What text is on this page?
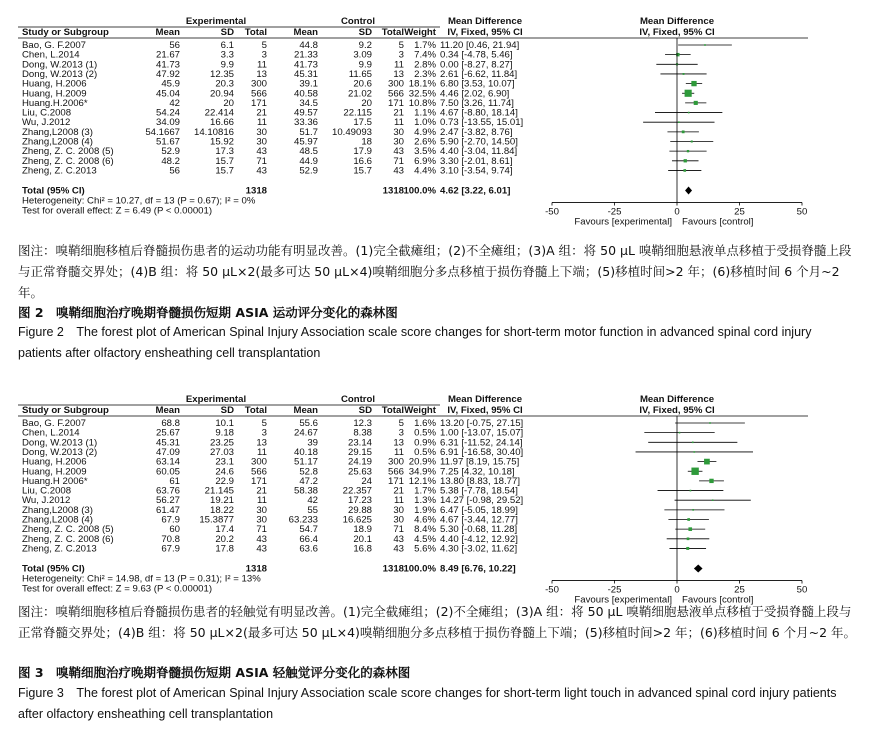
Experimental	Control	Mean Difference	Mean Difference
Study or Subgroup	Mean	SD Total	Mean	SD Total Weight IV, Fixed, 95% CI	IV, Fixed, 95% CI
Bao, G. F.2007	56	6.1	5	44.8	9.2	5 1.7% 11.20 [0.46, 21.94]
Chen, L.2014	21.67	3.3	3	21.33	3.09	3 7.4% 0.34 [-4.78, 5.46]
Dong, W.2013 (1)	41.73	9.9 11	41.73	9.9 11 2.8% 0.00 [-8.27, 8.27]
Dong, W.2013 (2)	47.92	12.35 13	45.31	11.65 13 2.3% 2.61 [-6.62, 11.84]
Huang, H.2006	45.9	20.3 300	39.1	20.6 300 18.1% 6.80 [3.53, 10.07]
Huang, H.2009	45.04	20.94 566	40.58	21.02 566 32.5% 4.46 [2.02, 6.90]
Huang.H.2006*	42	20 171	34.5	20 171 10.8% 7.50 [3.26, 11.74]
Liu, C.2008	54.24	22.414 21	49.57	22.115 21 1.1% 4.67 [-8.80, 18.14]
Wu, J.2012	34.09	16.66 11	33.36	17.5 11 1.0% 0.73 [-13.55, 15.01]
Zhang,L2008 (3)	54.1667 14.10816 30	51.7 10.49093 30 4.9% 2.47 [-3.82, 8.76]
Zhang,L2008 (4)	51.67	15.92 30	45.97	18 30 2.6% 5.90 [-2.70, 14.50]
Zheng, Z. C. 2008 (5)	52.9	17.3 43	48.5	17.9 43 3.5% 4.40 [-3.04, 11.84]
Zheng, Z. C. 2008 (6)	48.2	15.7 71	44.9	16.6 71 6.9% 3.30 [-2.01, 8.61]
Zheng, Z. C.2013	56	15.7 43	52.9	15.7 43 4.4% 3.10 [-3.54, 9.74]
Total (95% CI)	1318	1318 100.0% 4.62 [3.22, 6.01]
Heterogeneity: Chi² = 10.27, df = 13 (P = 0.67); I² = 0%
Test for overall effect: Z = 6.49 (P < 0.00001)	-50	-25	0	25	50
Favours [experimental] Favours [control]
图注：嗅鞘细胞移植后脊髓损伤患者的运动功能有明显改善。(1)完全截瘫组；(2)不全瘫组；(3)A 组：将 50 μL 嗅鞘细胞悬液单点移植于受损脊髓上段与正常脊髓交界处；(4)B 组：将 50 μL×2(最多可达 50 μL×4)嗅鞘细胞分多点移植于损伤脊髓上下端；(5)移植时间>2 年；(6)移植时间 6 个月~2 年。
图 2　嗅鞘细胞治疗晚期脊髓损伤短期 ASIA 运动评分变化的森林图
Figure 2　The forest plot of American Spinal Injury Association scale score changes for short-term motor function in advanced spinal cord injury patients after olfactory ensheathing cell transplantation
Experimental	Control	Mean Difference	Mean Difference
Study or Subgroup	Mean	SD Total	Mean	SD Total Weight IV, Fixed, 95% CI	IV, Fixed, 95% CI
Bao, G. F.2007	68.8	10.1	5	55.6	12.3	5 1.6% 13.20 [-0.75, 27.15]
Chen, L.2014	25.67	9.18	3	24.67	8.38	3 0.5% 1.00 [-13.07, 15.07]
Dong, W.2013 (1)	45.31	23.25 13	39	23.14 13 0.9% 6.31 [-11.52, 24.14]
Dong, W.2013 (2)	47.09	27.03 11	40.18	29.15 11 0.5% 6.91 [-16.58, 30.40]
Huang, H.2006	63.14	23.1 300	51.17	24.19 300 20.9% 11.97 [8.19, 15.75]
Huang, H.2009	60.05	24.6 566	52.8	25.63 566 34.9% 7.25 [4.32, 10.18]
Huang.H 2006*	61	22.9 171	47.2	24 171 12.1% 13.80 [8.83, 18.77]
Liu, C.2008	63.76	21.145 21	58.38	22.357 21 1.7% 5.38 [-7.78, 18.54]
Wu, J.2012	56.27	19.21 11	42	17.23 11 1.3% 14.27 [-0.98, 29.52]
Zhang,L2008 (3)	61.47	18.22 30	55	29.88 30 1.9% 6.47 [-5.05, 18.99]
Zhang,L2008 (4)	67.9 15.3877 30 63.233	16.625 30 4.6% 4.67 [-3.44, 12.77]
Zheng, Z. C. 2008 (5)	60	17.4 71	54.7	18.9 71 8.4% 5.30 [-0.68, 11.28]
Zheng, Z. C. 2008 (6)	70.8	20.2 43	66.4	20.1 43 4.5% 4.40 [-4.12, 12.92]
Zheng, Z. C.2013	67.9	17.8 43	63.6	16.8 43 5.6% 4.30 [-3.02, 11.62]
Total (95% CI)	1318	1318 100.0% 8.49 [6.76, 10.22]
Heterogeneity: Chi² = 14.98, df = 13 (P = 0.31); I² = 13%
Test for overall effect: Z = 9.63 (P < 0.00001)	-50	-25	0	25	50
Favours [experimental] Favours [control]
图注：嗅鞘细胞移植后脊髓损伤患者的轻触觉有明显改善。(1)完全截瘫组；(2)不全瘫组；(3)A 组：将 50 μL 嗅鞘细胞悬液单点移植于受损脊髓上段与正常脊髓交界处；(4)B 组：将 50 μL×2(最多可达 50 μL×4)嗅鞘细胞分多点移植于损伤脊髓上下端；(5)移植时间>2 年；(6)移植时间 6 个月~2 年。
图 3　嗅鞘细胞治疗晚期脊髓损伤短期 ASIA 轻触觉评分变化的森林图
Figure 3　The forest plot of American Spinal Injury Association scale score changes for short-term light touch in advanced spinal cord injury patients after olfactory ensheathing cell transplantation
